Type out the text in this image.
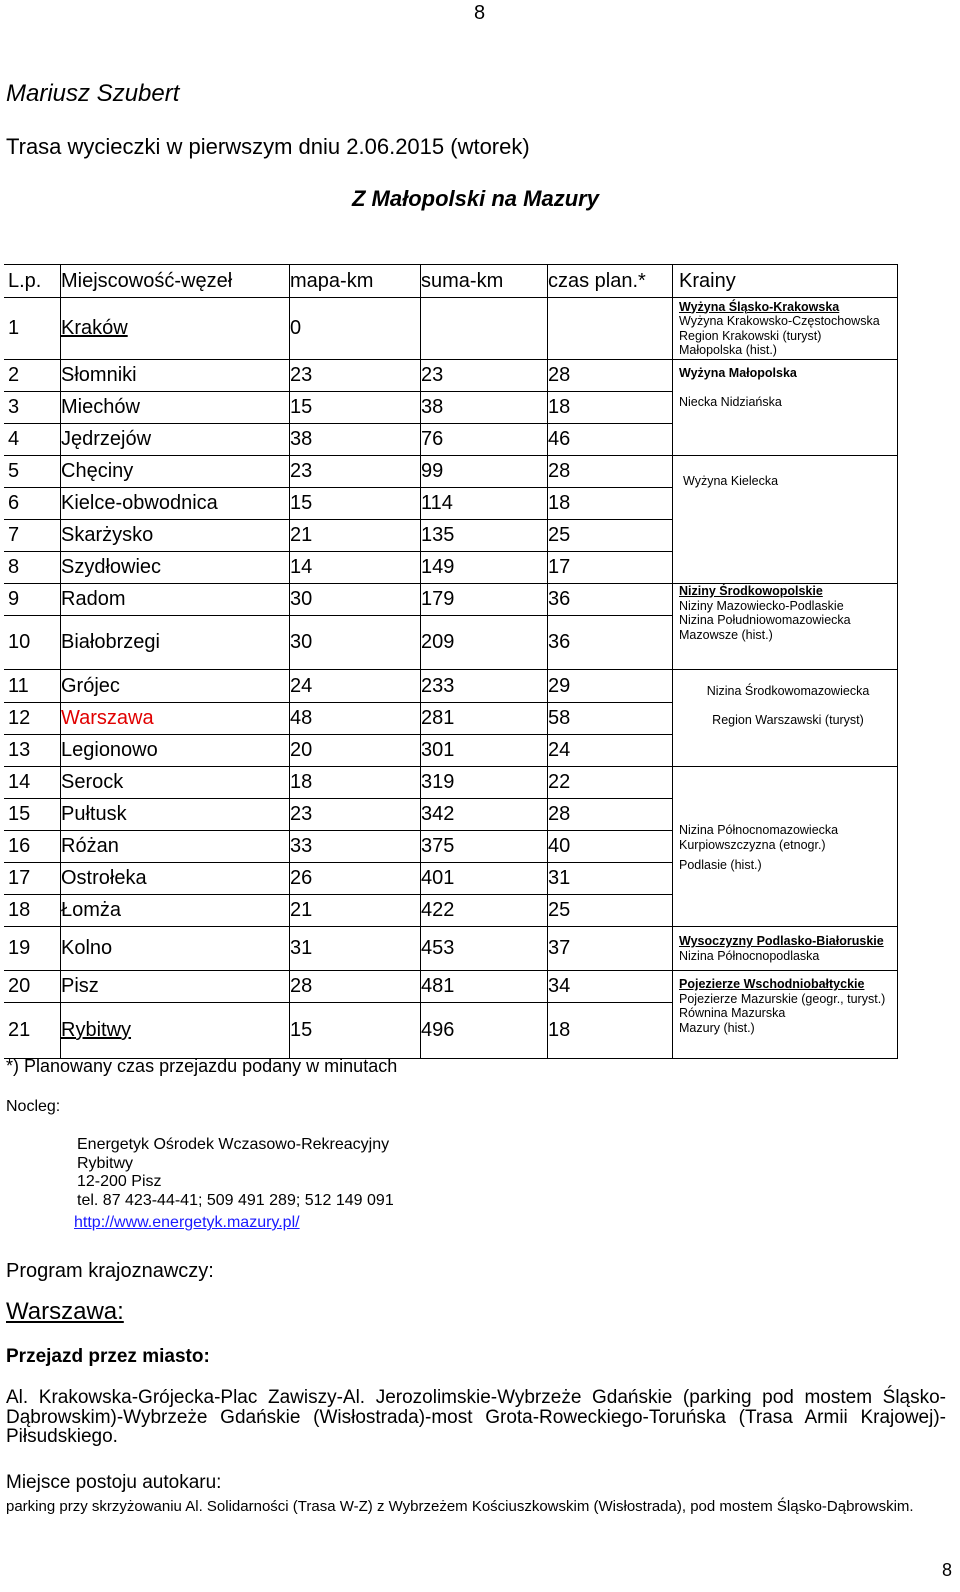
8
Mariusz Szubert
Trasa wycieczki w pierwszym dniu 2.06.2015 (wtorek)
Z Małopolski na Mazury
L.p.	Miejscowość-węzeł	mapa-km	suma-km	czas plan.*	Krainy
1	Kraków	0			Wyżyna Śląsko-Krakowska
Wyżyna Krakowsko-Częstochowska
Region Krakowski (turyst)
Małopolska (hist.)

2	Słomniki	23	23	28	Wyżyna Małopolska
Niecka Nidziańska

3	Miechów	15	38	18	
4	Jędrzejów	38	76	46	
5	Chęciny	23	99	28	Wyżyna Kielecka

6	Kielce-obwodnica	15	114	18	
7	Skarżysko	21	135	25	
8	Szydłowiec	14	149	17	
9	Radom	30	179	36	Niziny Środkowopolskie
Niziny Mazowiecko-Podlaskie
Nizina Południowomazowiecka
Mazowsze (hist.)

10	Białobrzegi	30	209	36	
11	Grójec	24	233	29	Nizina Środkowomazowiecka
Region Warszawski (turyst)

12	Warszawa	48	281	58	
13	Legionowo	20	301	24	
14	Serock	18	319	22	Nizina Północnomazowiecka
Kurpiowszczyzna (etnogr.)
Podlasie (hist.)

15	Pułtusk	23	342	28	
16	Różan	33	375	40	
17	Ostrołeka	26	401	31	
18	Łomża	21	422	25	
19	Kolno	31	453	37	Wysoczyzny Podlasko-Białoruskie
Nizina Północnopodlaska

20	Pisz	28	481	34	Pojezierze Wschodniobałtyckie
Pojezierze Mazurskie (geogr., turyst.)
Równina Mazurska
Mazury (hist.)

21	Rybitwy	15	496	18	
*) Planowany czas przejazdu podany w minutach
Nocleg:
Energetyk Ośrodek Wczasowo-Rekreacyjny
Rybitwy
12-200 Pisz
tel. 87 423-44-41; 509 491 289; 512 149 091
http://www.energetyk.mazury.pl/
Program krajoznawczy:
Warszawa:
Przejazd przez miasto:
Al. Krakowska-Grójecka-Plac Zawiszy-Al. Jerozolimskie-Wybrzeże Gdańskie (parking pod mostem Śląsko-Dąbrowskim)-Wybrzeże Gdańskie (Wisłostrada)-most Grota-Roweckiego-Toruńska (Trasa Armii Krajowej)-Piłsudskiego.
Miejsce postoju autokaru:
parking przy skrzyżowaniu Al. Solidarności (Trasa W-Z) z Wybrzeżem Kościuszkowskim (Wisłostrada), pod mostem Śląsko-Dąbrowskim.
8
